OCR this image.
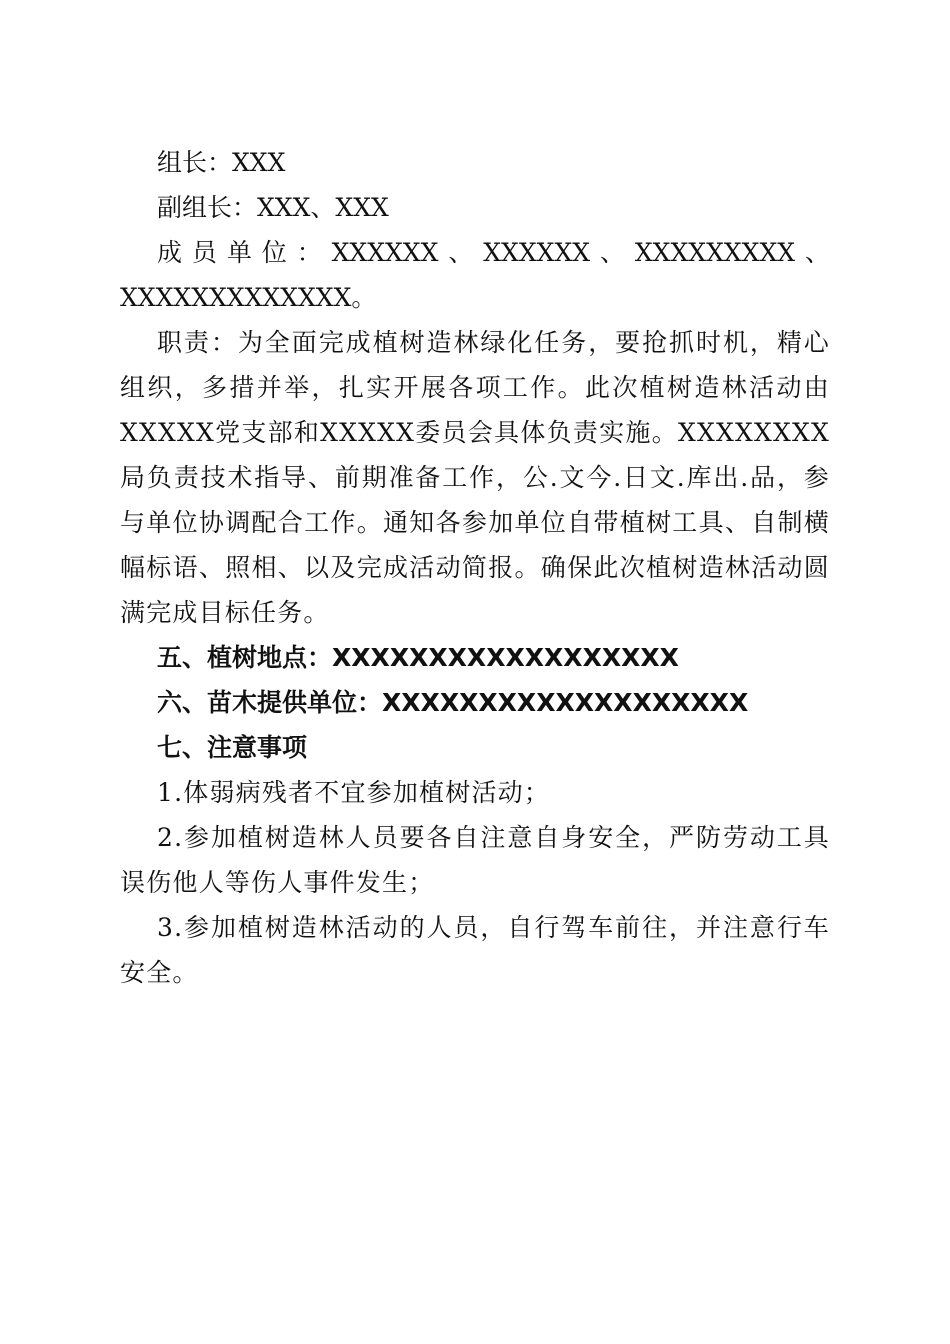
组长：XXX

副组长：XXX、XXX

成员单位：XXXXXX、XXXXXX、XXXXXXXXX、XXXXXXXXXXXXX。

职责：为全面完成植树造林绿化任务，要抢抓时机，精心组织，多措并举，扎实开展各项工作。此次植树造林活动由XXXXX党支部和XXXXX委员会具体负责实施。XXXXXXXX局负责技术指导、前期准备工作，公.文今.日文.库出.品，参与单位协调配合工作。通知各参加单位自带植树工具、自制横幅标语、照相、以及完成活动简报。确保此次植树造林活动圆满完成目标任务。

五、植树地点：XXXXXXXXXXXXXXXXXX

六、苗木提供单位：XXXXXXXXXXXXXXXXXXX

七、注意事项

1.体弱病残者不宜参加植树活动；

2.参加植树造林人员要各自注意自身安全，严防劳动工具误伤他人等伤人事件发生；

3.参加植树造林活动的人员，自行驾车前往，并注意行车安全。
